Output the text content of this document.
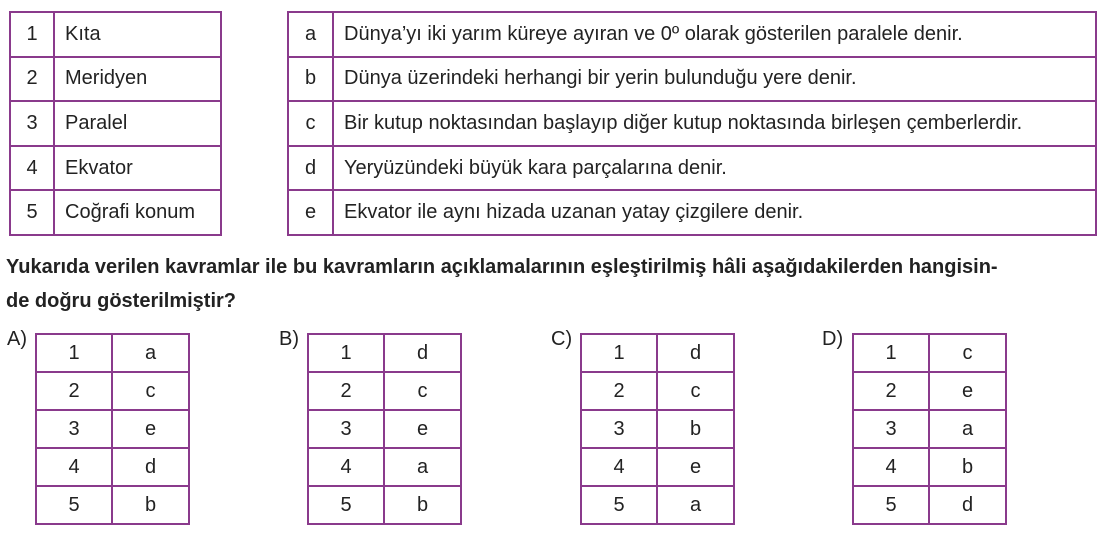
1	Kıta
2	Meridyen
3	Paralel
4	Ekvator
5	Coğrafi konum
a	Dünya’yı iki yarım küreye ayıran ve 0º olarak gösterilen paralele denir.
b	Dünya üzerindeki herhangi bir yerin bulunduğu yere denir.
c	Bir kutup noktasından başlayıp diğer kutup noktasında birleşen çemberlerdir.
d	Yeryüzündeki büyük kara parçalarına denir.
e	Ekvator ile aynı hizada uzanan yatay çizgilere denir.
Yukarıda verilen kavramlar ile bu kavramların açıklamalarının eşleştirilmiş hâli aşağıdakilerden hangisin-
de doğru gösterilmiştir?
A)
1	a
2	c
3	e
4	d
5	b
B)
1	d
2	c
3	e
4	a
5	b
C)
1	d
2	c
3	b
4	e
5	a
D)
1	c
2	e
3	a
4	b
5	d
